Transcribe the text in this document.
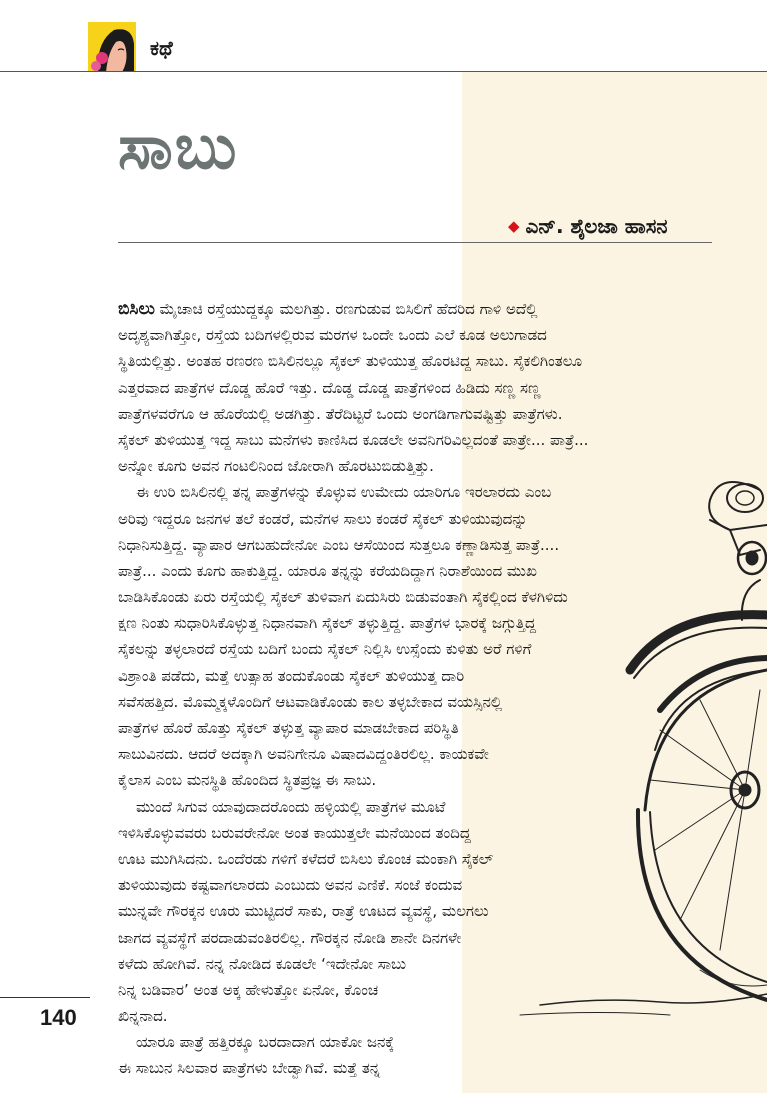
ಕಥೆ
ಸಾಬು
◆ ಎನ್. ಶೈಲಜಾ ಹಾಸನ
ಬಿಸಿಲು ಮೈಚಾಚಿ ರಸ್ತೆಯುದ್ದಕ್ಕೂ ಮಲಗಿತ್ತು. ರಣಗುಡುವ ಬಿಸಿಲಿಗೆ ಹೆದರಿದ ಗಾಳಿ ಅದೆಲ್ಲಿ
ಅದೃಶ್ಯವಾಗಿತ್ತೋ, ರಸ್ತೆಯ ಬದಿಗಳಲ್ಲಿರುವ ಮರಗಳ ಒಂದೇ ಒಂದು ಎಲೆ ಕೂಡ ಅಲುಗಾಡದ
ಸ್ಥಿತಿಯಲ್ಲಿತ್ತು. ಅಂತಹ ರಣರಣ ಬಿಸಿಲಿನಲ್ಲೂ ಸೈಕಲ್ ತುಳಿಯುತ್ತ ಹೊರಟಿದ್ದ ಸಾಬು. ಸೈಕಲಿಗಿಂತಲೂ
ಎತ್ತರವಾದ ಪಾತ್ರೆಗಳ ದೊಡ್ಡ ಹೊರೆ ಇತ್ತು. ದೊಡ್ಡ ದೊಡ್ಡ ಪಾತ್ರೆಗಳಿಂದ ಹಿಡಿದು ಸಣ್ಣ ಸಣ್ಣ
ಪಾತ್ರೆಗಳವರೆಗೂ ಆ ಹೊರೆಯಲ್ಲಿ ಅಡಗಿತ್ತು. ತೆರೆದಿಟ್ಟರೆ ಒಂದು ಅಂಗಡಿಗಾಗುವಷ್ಟಿತ್ತು ಪಾತ್ರೆಗಳು.
ಸೈಕಲ್ ತುಳಿಯುತ್ತ ಇದ್ದ ಸಾಬು ಮನೆಗಳು ಕಾಣಿಸಿದ ಕೂಡಲೇ ಅವನಿಗರಿವಿಲ್ಲದಂತೆ ಪಾತ್ರೇ... ಪಾತ್ರೆ...
ಅನ್ನೋ ಕೂಗು ಅವನ ಗಂಟಲಿನಿಂದ ಜೋರಾಗಿ ಹೊರಟುಬಿಡುತ್ತಿತ್ತು.
ಈ ಉರಿ ಬಿಸಿಲಿನಲ್ಲಿ ತನ್ನ ಪಾತ್ರೆಗಳನ್ನು ಕೊಳ್ಳುವ ಉಮೇದು ಯಾರಿಗೂ ಇರಲಾರದು ಎಂಬ
ಅರಿವು ಇದ್ದರೂ ಜನಗಳ ತಲೆ ಕಂಡರೆ, ಮನೆಗಳ ಸಾಲು ಕಂಡರೆ ಸೈಕಲ್ ತುಳಿಯುವುದನ್ನು
ನಿಧಾನಿಸುತ್ತಿದ್ದ. ವ್ಯಾಪಾರ ಆಗಬಹುದೇನೋ ಎಂಬ ಆಸೆಯಿಂದ ಸುತ್ತಲೂ ಕಣ್ಣಾಡಿಸುತ್ತ ಪಾತ್ರೆ....
ಪಾತ್ರೆ... ಎಂದು ಕೂಗು ಹಾಕುತ್ತಿದ್ದ. ಯಾರೂ ತನ್ನನ್ನು ಕರೆಯದಿದ್ದಾಗ ನಿರಾಶೆಯಿಂದ ಮುಖ
ಬಾಡಿಸಿಕೊಂಡು ಏರು ರಸ್ತೆಯಲ್ಲಿ ಸೈಕಲ್ ತುಳಿವಾಗ ಏದುಸಿರು ಬಿಡುವಂತಾಗಿ ಸೈಕಲ್ಲಿಂದ ಕೆಳಗಿಳಿದು
ಕ್ಷಣ ನಿಂತು ಸುಧಾರಿಸಿಕೊಳ್ಳುತ್ತ ನಿಧಾನವಾಗಿ ಸೈಕಲ್ ತಳ್ಳುತ್ತಿದ್ದ. ಪಾತ್ರೆಗಳ ಭಾರಕ್ಕೆ ಜಗ್ಗುತ್ತಿದ್ದ
ಸೈಕಲನ್ನು ತಳ್ಳಲಾರದೆ ರಸ್ತೆಯ ಬದಿಗೆ ಬಂದು ಸೈಕಲ್ ನಿಲ್ಲಿಸಿ ಉಸ್ಸೆಂದು ಕುಳಿತು ಅರೆ ಗಳಿಗೆ
ವಿಶ್ರಾಂತಿ ಪಡೆದು, ಮತ್ತೆ ಉತ್ಸಾಹ ತಂದುಕೊಂಡು ಸೈಕಲ್ ತುಳಿಯುತ್ತ ದಾರಿ
ಸವೆಸಹತ್ತಿದ. ಮೊಮ್ಮಕ್ಕಳೊಂದಿಗೆ ಆಟವಾಡಿಕೊಂಡು ಕಾಲ ತಳ್ಳಬೇಕಾದ ವಯಸ್ಸಿನಲ್ಲಿ
ಪಾತ್ರೆಗಳ ಹೊರೆ ಹೊತ್ತು ಸೈಕಲ್ ತಳ್ಳುತ್ತ ವ್ಯಾಪಾರ ಮಾಡಬೇಕಾದ ಪರಿಸ್ಥಿತಿ
ಸಾಬುವಿನದು. ಆದರೆ ಅದಕ್ಕಾಗಿ ಅವನಿಗೇನೂ ವಿಷಾದವಿದ್ದಂತಿರಲಿಲ್ಲ. ಕಾಯಕವೇ
ಕೈಲಾಸ ಎಂಬ ಮನಸ್ಥಿತಿ ಹೊಂದಿದ ಸ್ಥಿತಪ್ರಜ್ಞ ಈ ಸಾಬು.
ಮುಂದೆ ಸಿಗುವ ಯಾವುದಾದರೊಂದು ಹಳ್ಳಿಯಲ್ಲಿ ಪಾತ್ರೆಗಳ ಮೂಟೆ
ಇಳಿಸಿಕೊಳ್ಳುವವರು ಬರುವರೇನೋ ಅಂತ ಕಾಯುತ್ತಲೇ ಮನೆಯಿಂದ ತಂದಿದ್ದ
ಊಟ ಮುಗಿಸಿದನು. ಒಂದೆರಡು ಗಳಿಗೆ ಕಳೆದರೆ ಬಿಸಿಲು ಕೊಂಚ ಮಂಕಾಗಿ ಸೈಕಲ್
ತುಳಿಯುವುದು ಕಷ್ಟವಾಗಲಾರದು ಎಂಬುದು ಅವನ ಎಣಿಕೆ. ಸಂಜೆ ಕಂದುವ
ಮುನ್ನವೇ ಗೌರಕ್ಕನ ಊರು ಮುಟ್ಟಿದರೆ ಸಾಕು, ರಾತ್ರೆ ಊಟದ ವ್ಯವಸ್ಥೆ, ಮಲಗಲು
ಜಾಗದ ವ್ಯವಸ್ಥೆಗೆ ಪರದಾಡುವಂತಿರಲಿಲ್ಲ. ಗೌರಕ್ಕನ ನೋಡಿ ಶಾನೇ ದಿನಗಳೇ
ಕಳೆದು ಹೋಗಿವೆ. ನನ್ನ ನೋಡಿದ ಕೂಡಲೇ ‘ಇದೇನೋ ಸಾಬು
ನಿನ್ನ ಬಡಿವಾರ’ ಅಂತ ಅಕ್ಕ ಹೇಳುತ್ತೋ ಏನೋ, ಕೊಂಚ
ಖಿನ್ನನಾದ.
ಯಾರೂ ಪಾತ್ರೆ ಹತ್ತಿರಕ್ಕೂ ಬರದಾದಾಗ ಯಾಕೋ ಜನಕ್ಕೆ
ಈ ಸಾಬುನ ಸಿಲವಾರ ಪಾತ್ರೆಗಳು ಬೇಡ್ವಾಗಿವೆ. ಮತ್ತೆ ತನ್ನ
140
